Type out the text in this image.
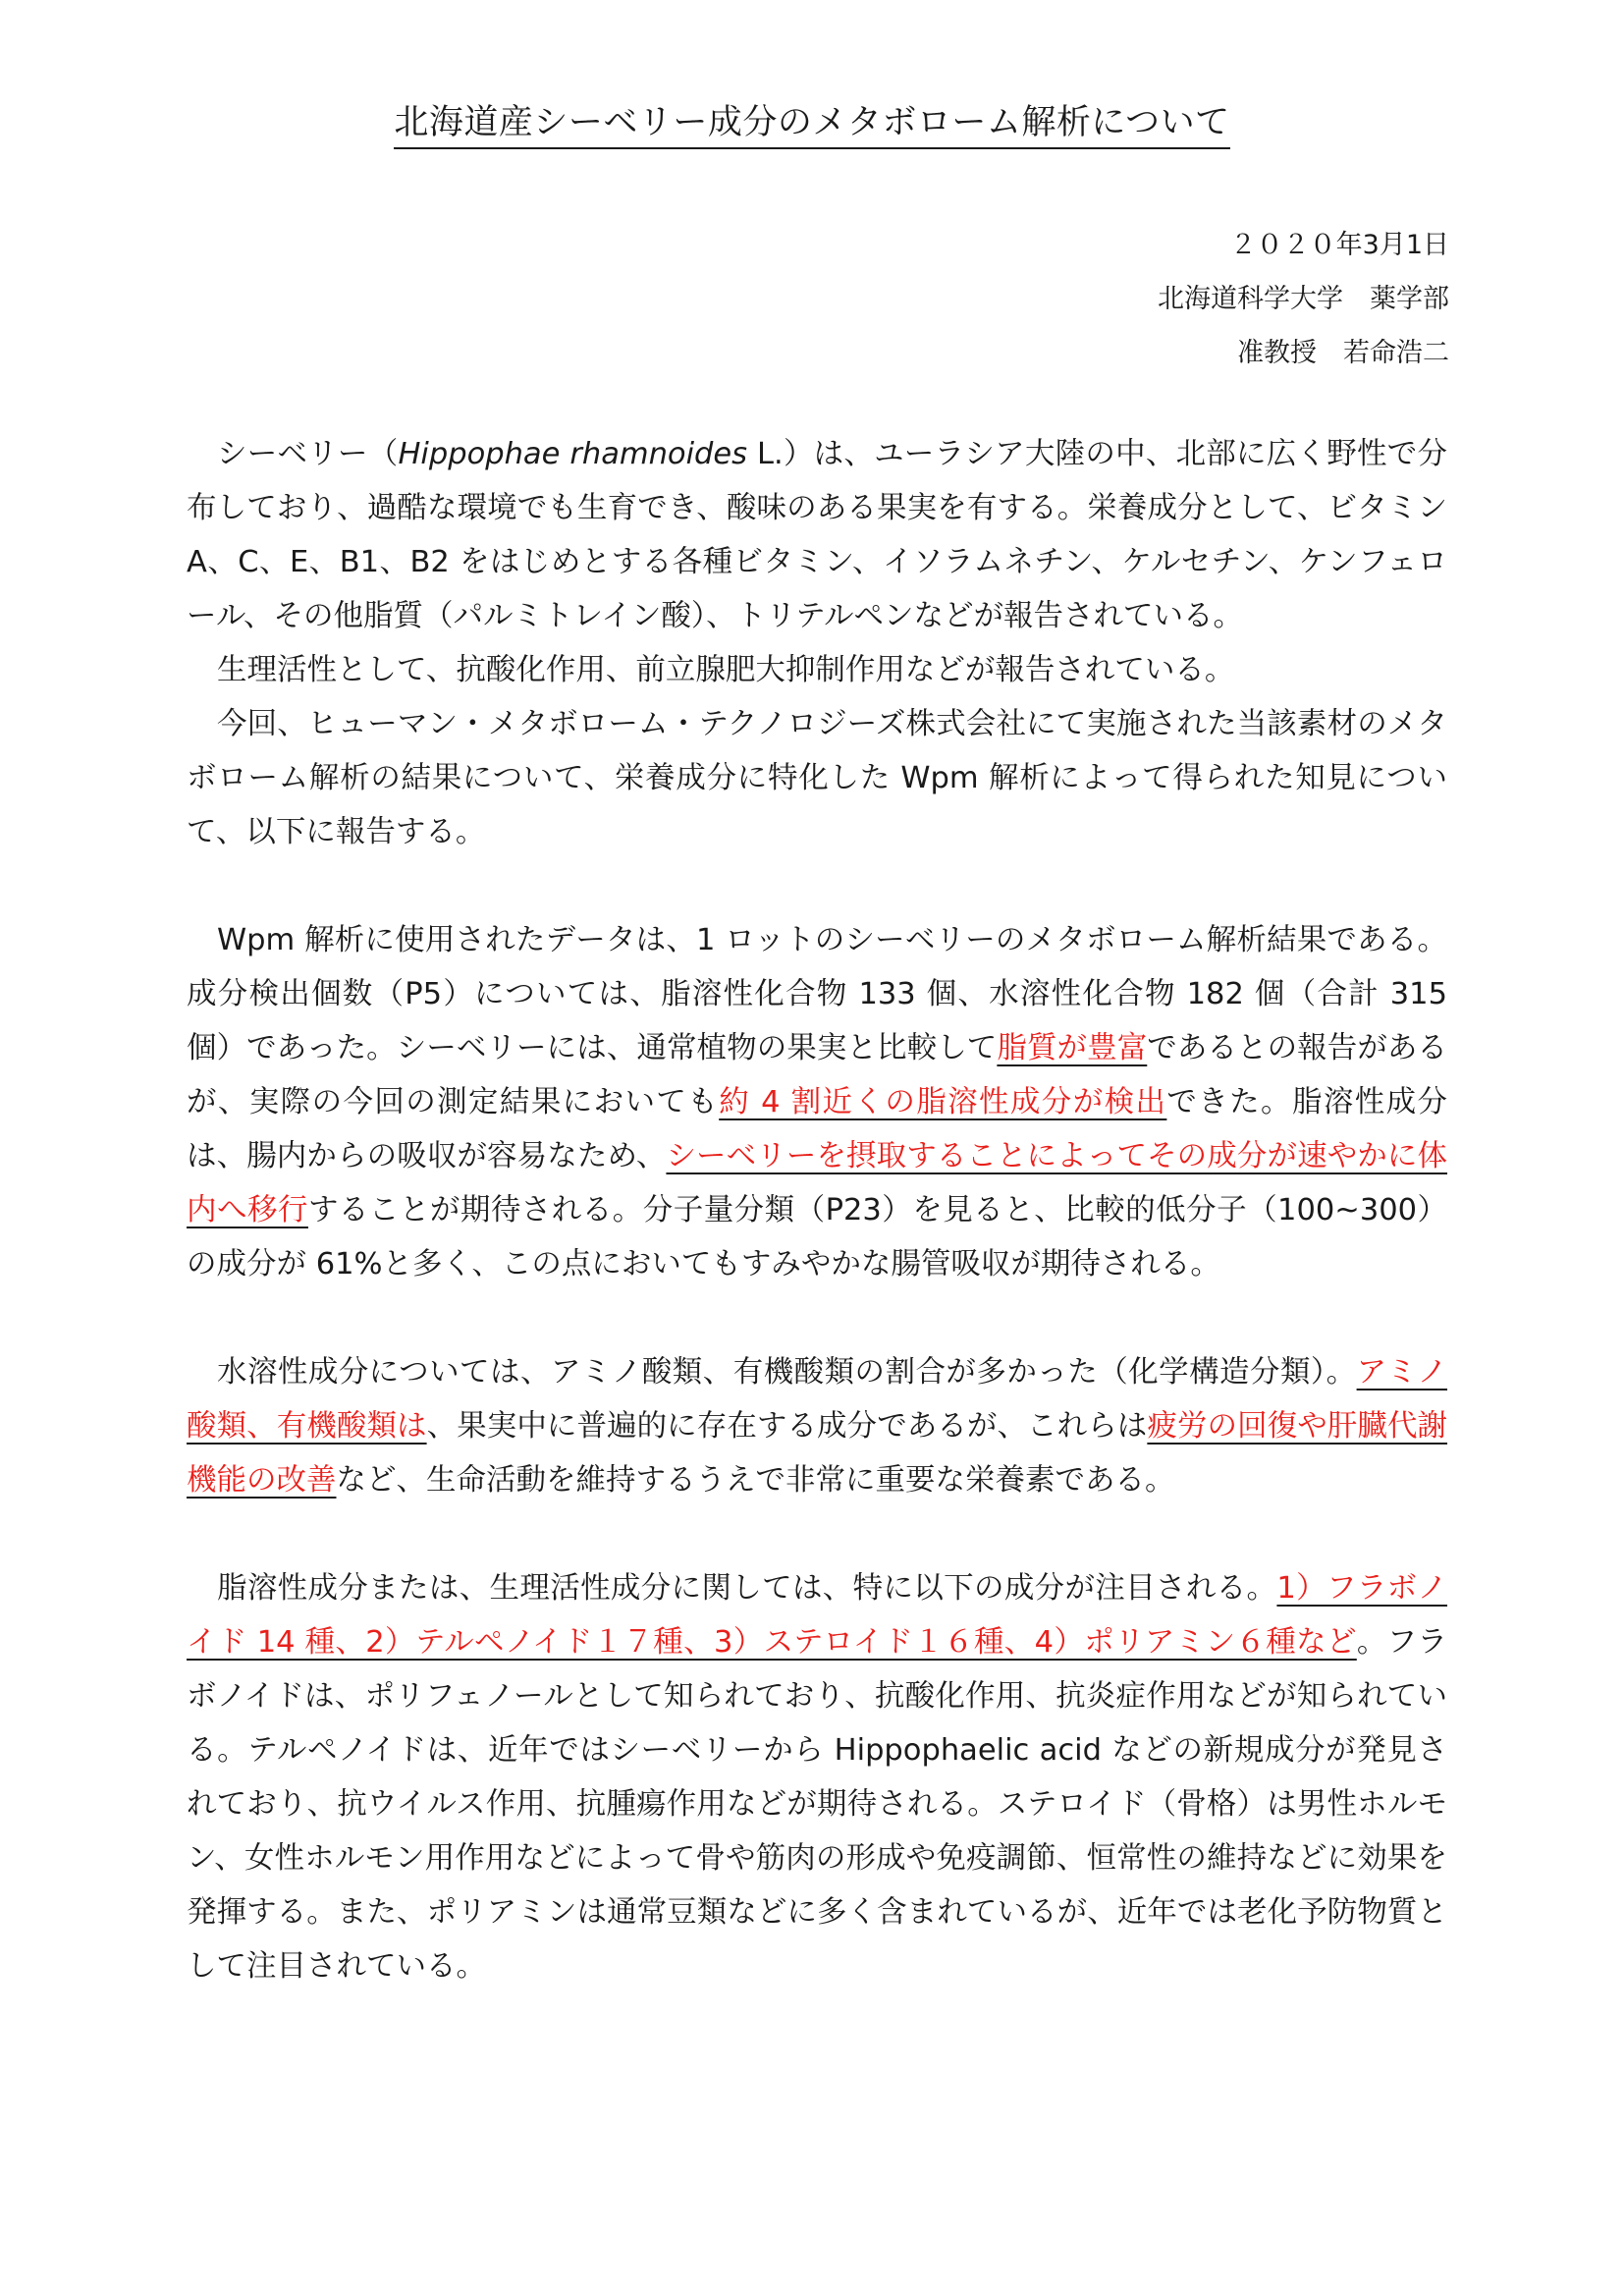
北海道産シーベリー成分のメタボローム解析について
２０２０年3月1日
北海道科学大学　薬学部
准教授　若命浩二

シーベリー（Hippophae rhamnoides L.）は、ユーラシア大陸の中、北部に広く野性で分布しており、過酷な環境でも生育でき、酸味のある果実を有する。栄養成分として、ビタミン A、C、E、B1、B2 をはじめとする各種ビタミン、イソラムネチン、ケルセチン、ケンフェロール、その他脂質（パルミトレイン酸）、トリテルペンなどが報告されている。

生理活性として、抗酸化作用、前立腺肥大抑制作用などが報告されている。

今回、ヒューマン・メタボローム・テクノロジーズ株式会社にて実施された当該素材のメタボローム解析の結果について、栄養成分に特化した Wpm 解析によって得られた知見について、以下に報告する。

Wpm 解析に使用されたデータは、1 ロットのシーベリーのメタボローム解析結果である。成分検出個数（P5）については、脂溶性化合物 133 個、水溶性化合物 182 個（合計 315 個）であった。シーベリーには、通常植物の果実と比較して脂質が豊富であるとの報告があるが、実際の今回の測定結果においても約 4 割近くの脂溶性成分が検出できた。脂溶性成分は、腸内からの吸収が容易なため、シーベリーを摂取することによってその成分が速やかに体内へ移行することが期待される。分子量分類（P23）を見ると、比較的低分子（100~300）の成分が 61%と多く、この点においてもすみやかな腸管吸収が期待される。

水溶性成分については、アミノ酸類、有機酸類の割合が多かった（化学構造分類）。アミノ酸類、有機酸類は、果実中に普遍的に存在する成分であるが、これらは疲労の回復や肝臓代謝機能の改善など、生命活動を維持するうえで非常に重要な栄養素である。

脂溶性成分または、生理活性成分に関しては、特に以下の成分が注目される。1）フラボノイド 14 種、2）テルペノイド１７種、3）ステロイド１６種、4）ポリアミン６種など。フラボノイドは、ポリフェノールとして知られており、抗酸化作用、抗炎症作用などが知られている。テルペノイドは、近年ではシーベリーから Hippophaelic acid などの新規成分が発見されており、抗ウイルス作用、抗腫瘍作用などが期待される。ステロイド（骨格）は男性ホルモン、女性ホルモン用作用などによって骨や筋肉の形成や免疫調節、恒常性の維持などに効果を発揮する。また、ポリアミンは通常豆類などに多く含まれているが、近年では老化予防物質として注目されている。
